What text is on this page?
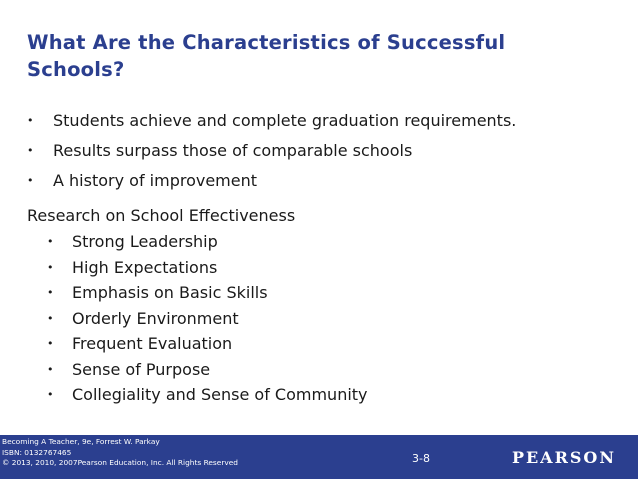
What Are the Characteristics of Successful
Schools?
• Students achieve and complete graduation requirements.
• Results surpass those of comparable schools
• A history of improvement
Research on School Effectiveness
• Strong Leadership
• High Expectations
• Emphasis on Basic Skills
• Orderly Environment
• Frequent Evaluation
• Sense of Purpose
• Collegiality and Sense of Community
Becoming A Teacher, 9e, Forrest W. Parkay
ISBN: 0132767465
© 2013, 2010, 2007Pearson Education, Inc. All Rights Reserved	3-8	PEARSON
